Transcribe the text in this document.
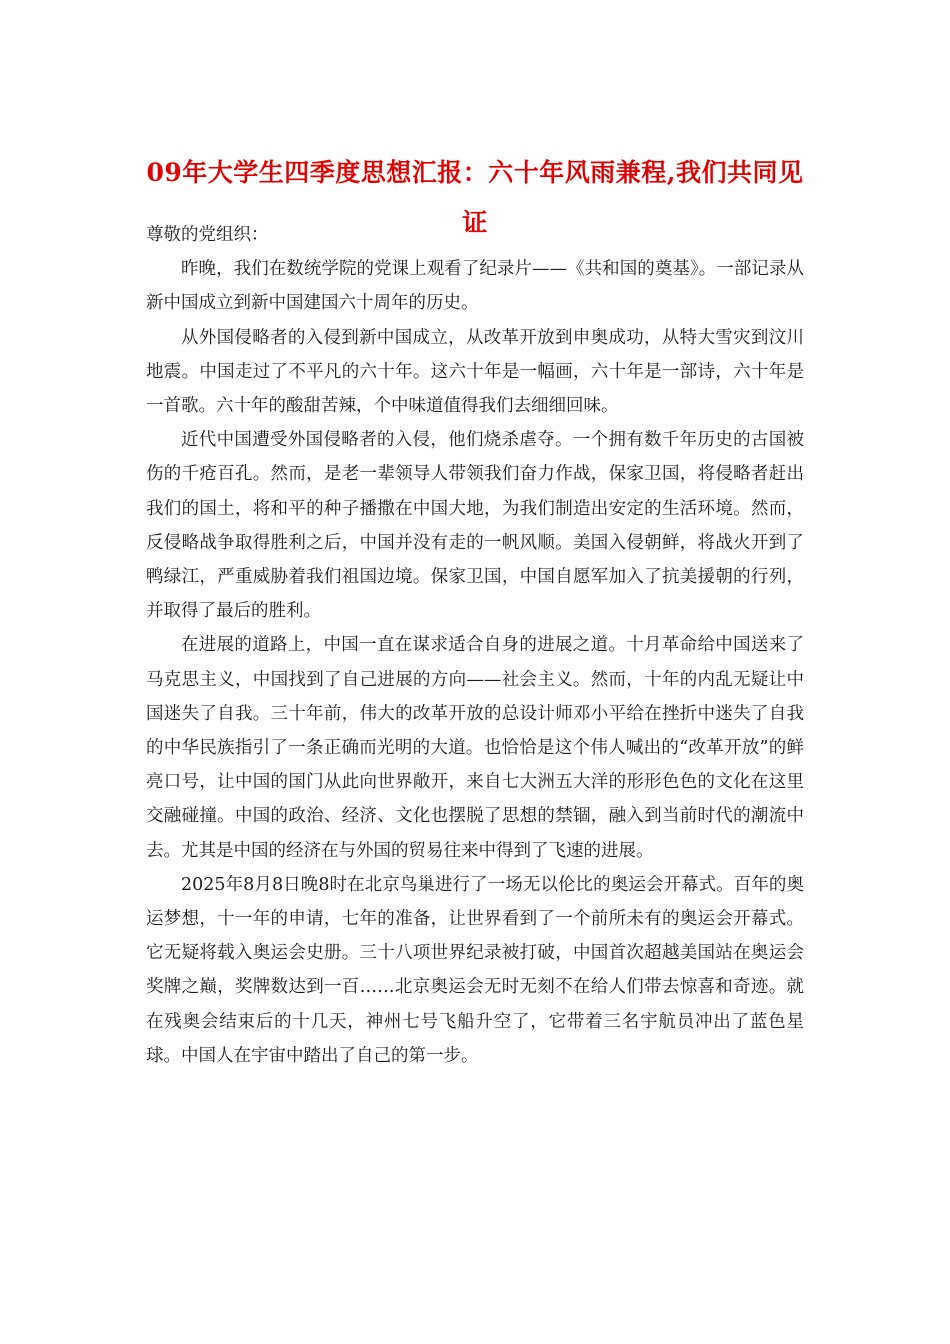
09年大学生四季度思想汇报：六十年风雨兼程,我们共同见证

尊敬的党组织：

昨晚，我们在数统学院的党课上观看了纪录片——《共和国的奠基》。一部记录从新中国成立到新中国建国六十周年的历史。

从外国侵略者的入侵到新中国成立，从改革开放到申奥成功，从特大雪灾到汶川地震。中国走过了不平凡的六十年。这六十年是一幅画，六十年是一部诗，六十年是一首歌。六十年的酸甜苦辣，个中味道值得我们去细细回味。

近代中国遭受外国侵略者的入侵，他们烧杀虐夺。一个拥有数千年历史的古国被伤的千疮百孔。然而，是老一辈领导人带领我们奋力作战，保家卫国，将侵略者赶出我们的国土，将和平的种子播撒在中国大地，为我们制造出安定的生活环境。然而，反侵略战争取得胜利之后，中国并没有走的一帆风顺。美国入侵朝鲜，将战火开到了鸭绿江，严重威胁着我们祖国边境。保家卫国，中国自愿军加入了抗美援朝的行列，并取得了最后的胜利。

在进展的道路上，中国一直在谋求适合自身的进展之道。十月革命给中国送来了马克思主义，中国找到了自己进展的方向——社会主义。然而，十年的内乱无疑让中国迷失了自我。三十年前，伟大的改革开放的总设计师邓小平给在挫折中迷失了自我的中华民族指引了一条正确而光明的大道。也恰恰是这个伟人喊出的“改革开放”的鲜亮口号，让中国的国门从此向世界敞开，来自七大洲五大洋的形形色色的文化在这里交融碰撞。中国的政治、经济、文化也摆脱了思想的禁锢，融入到当前时代的潮流中去。尤其是中国的经济在与外国的贸易往来中得到了飞速的进展。

2025年8月8日晚8时在北京鸟巢进行了一场无以伦比的奥运会开幕式。百年的奥运梦想，十一年的申请，七年的准备，让世界看到了一个前所未有的奥运会开幕式。它无疑将载入奥运会史册。三十八项世界纪录被打破，中国首次超越美国站在奥运会奖牌之巅，奖牌数达到一百……北京奥运会无时无刻不在给人们带去惊喜和奇迹。就在残奥会结束后的十几天，神州七号飞船升空了，它带着三名宇航员冲出了蓝色星球。中国人在宇宙中踏出了自己的第一步。
